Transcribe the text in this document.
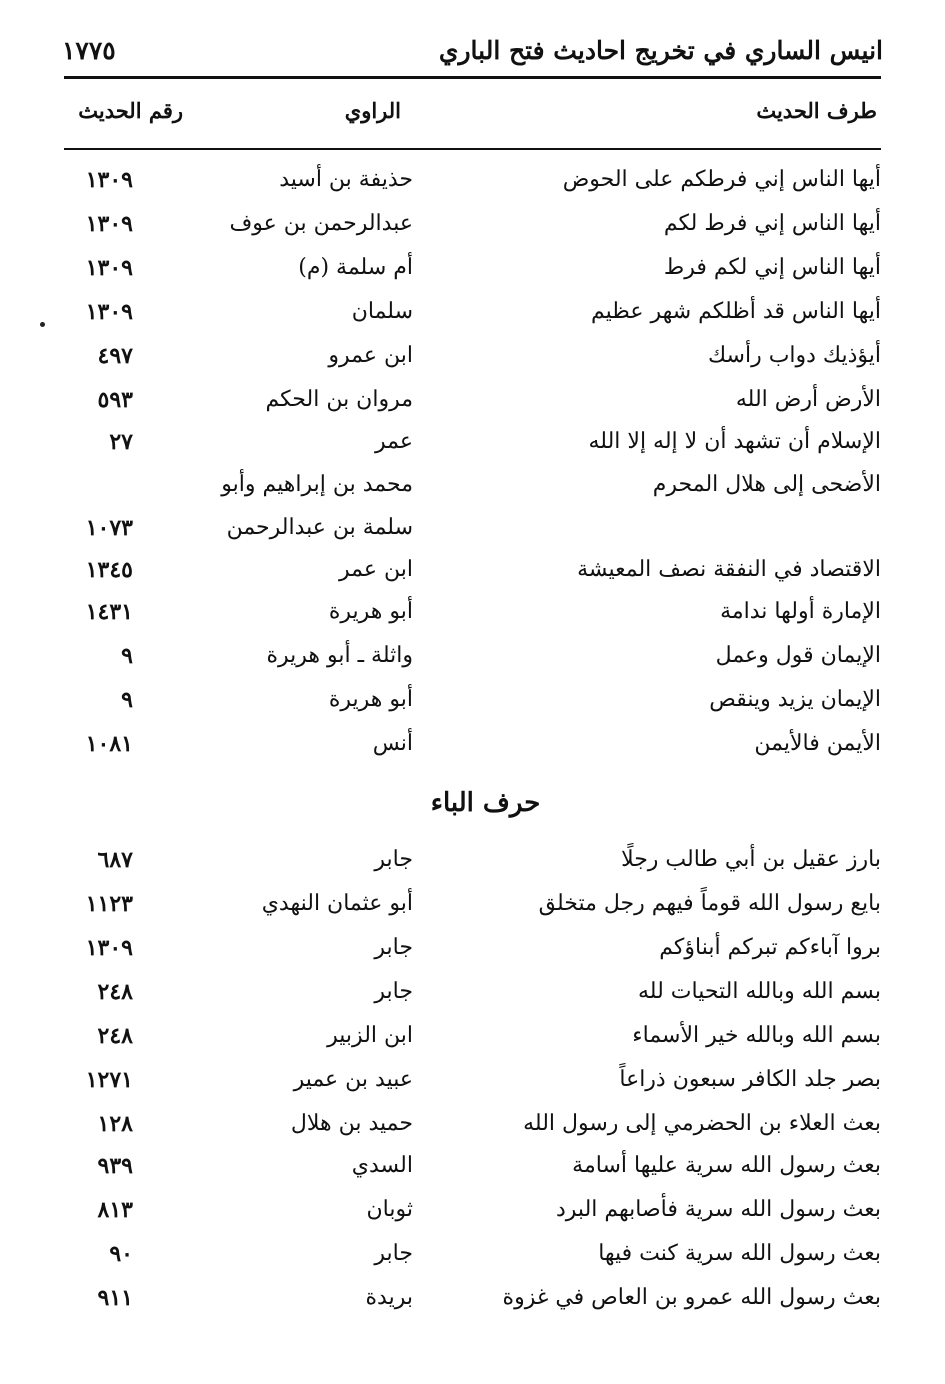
انيس الساري في تخريج احاديث فتح الباري
١٧٧٥
طرف الحديث
الراوي
رقم الحديث
أيها الناس إني فرطكم على الحوض
حذيفة بن أسيد
١٣٠٩
أيها الناس إني فرط لكم
عبدالرحمن بن عوف
١٣٠٩
أيها الناس إني لكم فرط
أم سلمة (م)
١٣٠٩
أيها الناس قد أظلكم شهر عظيم
سلمان
١٣٠٩
أيؤذيك دواب رأسك
ابن عمرو
٤٩٧
الأرض أرض الله
مروان بن الحكم
٥٩٣
الإسلام أن تشهد أن لا إله إلا الله
عمر
٢٧
الأضحى إلى هلال المحرم
محمد بن إبراهيم وأبو
سلمة بن عبدالرحمن
١٠٧٣
الاقتصاد في النفقة نصف المعيشة
ابن عمر
١٣٤٥
الإمارة أولها ندامة
أبو هريرة
١٤٣١
الإيمان قول وعمل
واثلة ـ أبو هريرة
٩
الإيمان يزيد وينقص
أبو هريرة
٩
الأيمن فالأيمن
أنس
١٠٨١
حرف الباء
بارز عقيل بن أبي طالب رجلًا
جابر
٦٨٧
بايع رسول الله قوماً فيهم رجل متخلق
أبو عثمان النهدي
١١٢٣
بروا آباءكم تبركم أبناؤكم
جابر
١٣٠٩
بسم الله وبالله التحيات لله
جابر
٢٤٨
بسم الله وبالله خير الأسماء
ابن الزبير
٢٤٨
بصر جلد الكافر سبعون ذراعاً
عبيد بن عمير
١٢٧١
بعث العلاء بن الحضرمي إلى رسول الله
حميد بن هلال
١٢٨
بعث رسول الله سرية عليها أسامة
السدي
٩٣٩
بعث رسول الله سرية فأصابهم البرد
ثوبان
٨١٣
بعث رسول الله سرية كنت فيها
جابر
٩٠
بعث رسول الله عمرو بن العاص في غزوة
بريدة
٩١١
